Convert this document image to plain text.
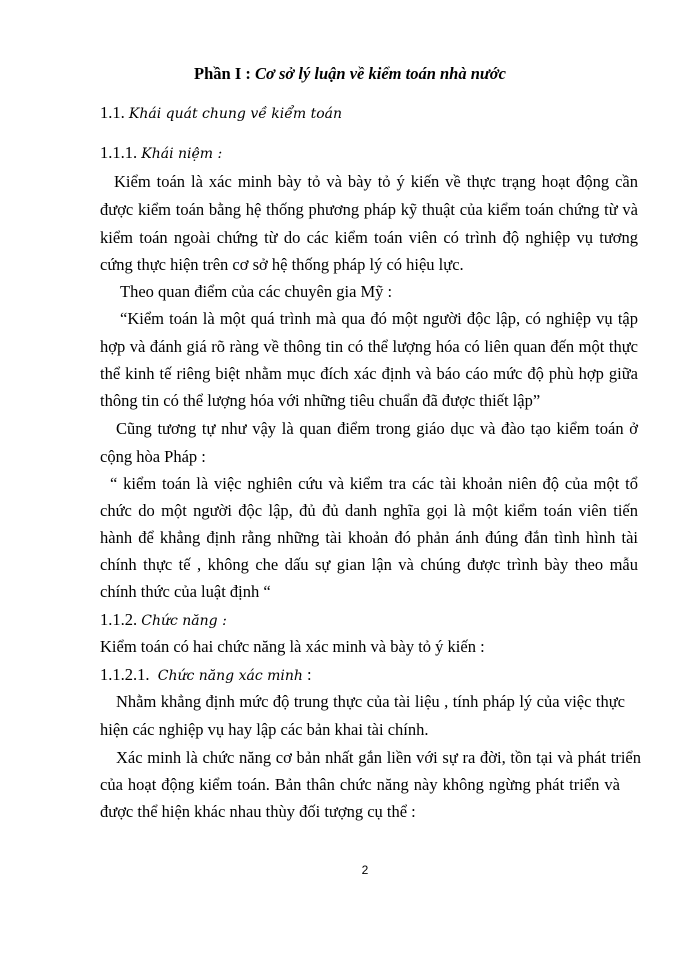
Phần I : Cơ sở lý luận về kiểm toán nhà nước
1.1. Khái quát chung về kiểm toán
1.1.1. Khái niệm :
Kiểm toán là xác minh bày tỏ và bày tỏ ý kiến về thực trạng hoạt động cần
được kiểm toán bằng hệ thống phương pháp kỹ thuật của kiểm toán chứng từ và
kiểm toán ngoài chứng từ do các kiểm toán viên có trình độ nghiệp vụ tương
cứng thực hiện trên cơ sở hệ thống pháp lý có hiệu lực.
Theo quan điểm của các chuyên gia Mỹ :
“Kiểm toán là một quá trình mà qua đó một người độc lập, có nghiệp vụ tập
hợp và đánh giá rõ ràng về thông tin có thể lượng hóa có liên quan đến một thực
thể kinh tế riêng biệt nhằm mục đích xác định và báo cáo mức độ phù hợp giữa
thông tin có thể lượng hóa với những tiêu chuẩn đã được thiết lập”
Cũng tương tự như vậy là quan điểm trong giáo dục và đào tạo kiểm toán ở
cộng hòa Pháp :
“ kiểm toán là việc nghiên cứu và kiểm tra các tài khoản niên độ của một tổ
chức do một người độc lập, đủ đủ danh nghĩa gọi là một kiểm toán viên tiến
hành để khẳng định rằng những tài khoản đó phản ánh đúng đắn tình hình tài
chính thực tế , không che dấu sự gian lận và chúng được trình bày theo mẫu
chính thức của luật định “
1.1.2. Chức năng :
Kiểm toán có hai chức năng là xác minh và bày tỏ ý kiến :
1.1.2.1.  Chức năng xác minh :
Nhằm khẳng định mức độ trung thực của tài liệu , tính pháp lý của việc thực
hiện các nghiệp vụ hay lập các bản khai tài chính.
Xác minh là chức năng cơ bản nhất gắn liền với sự ra đời, tồn tại và phát triển
của hoạt động kiểm toán. Bản thân chức năng này không ngừng phát triển và
được thể hiện khác nhau thùy đối tượng cụ thể :
2
